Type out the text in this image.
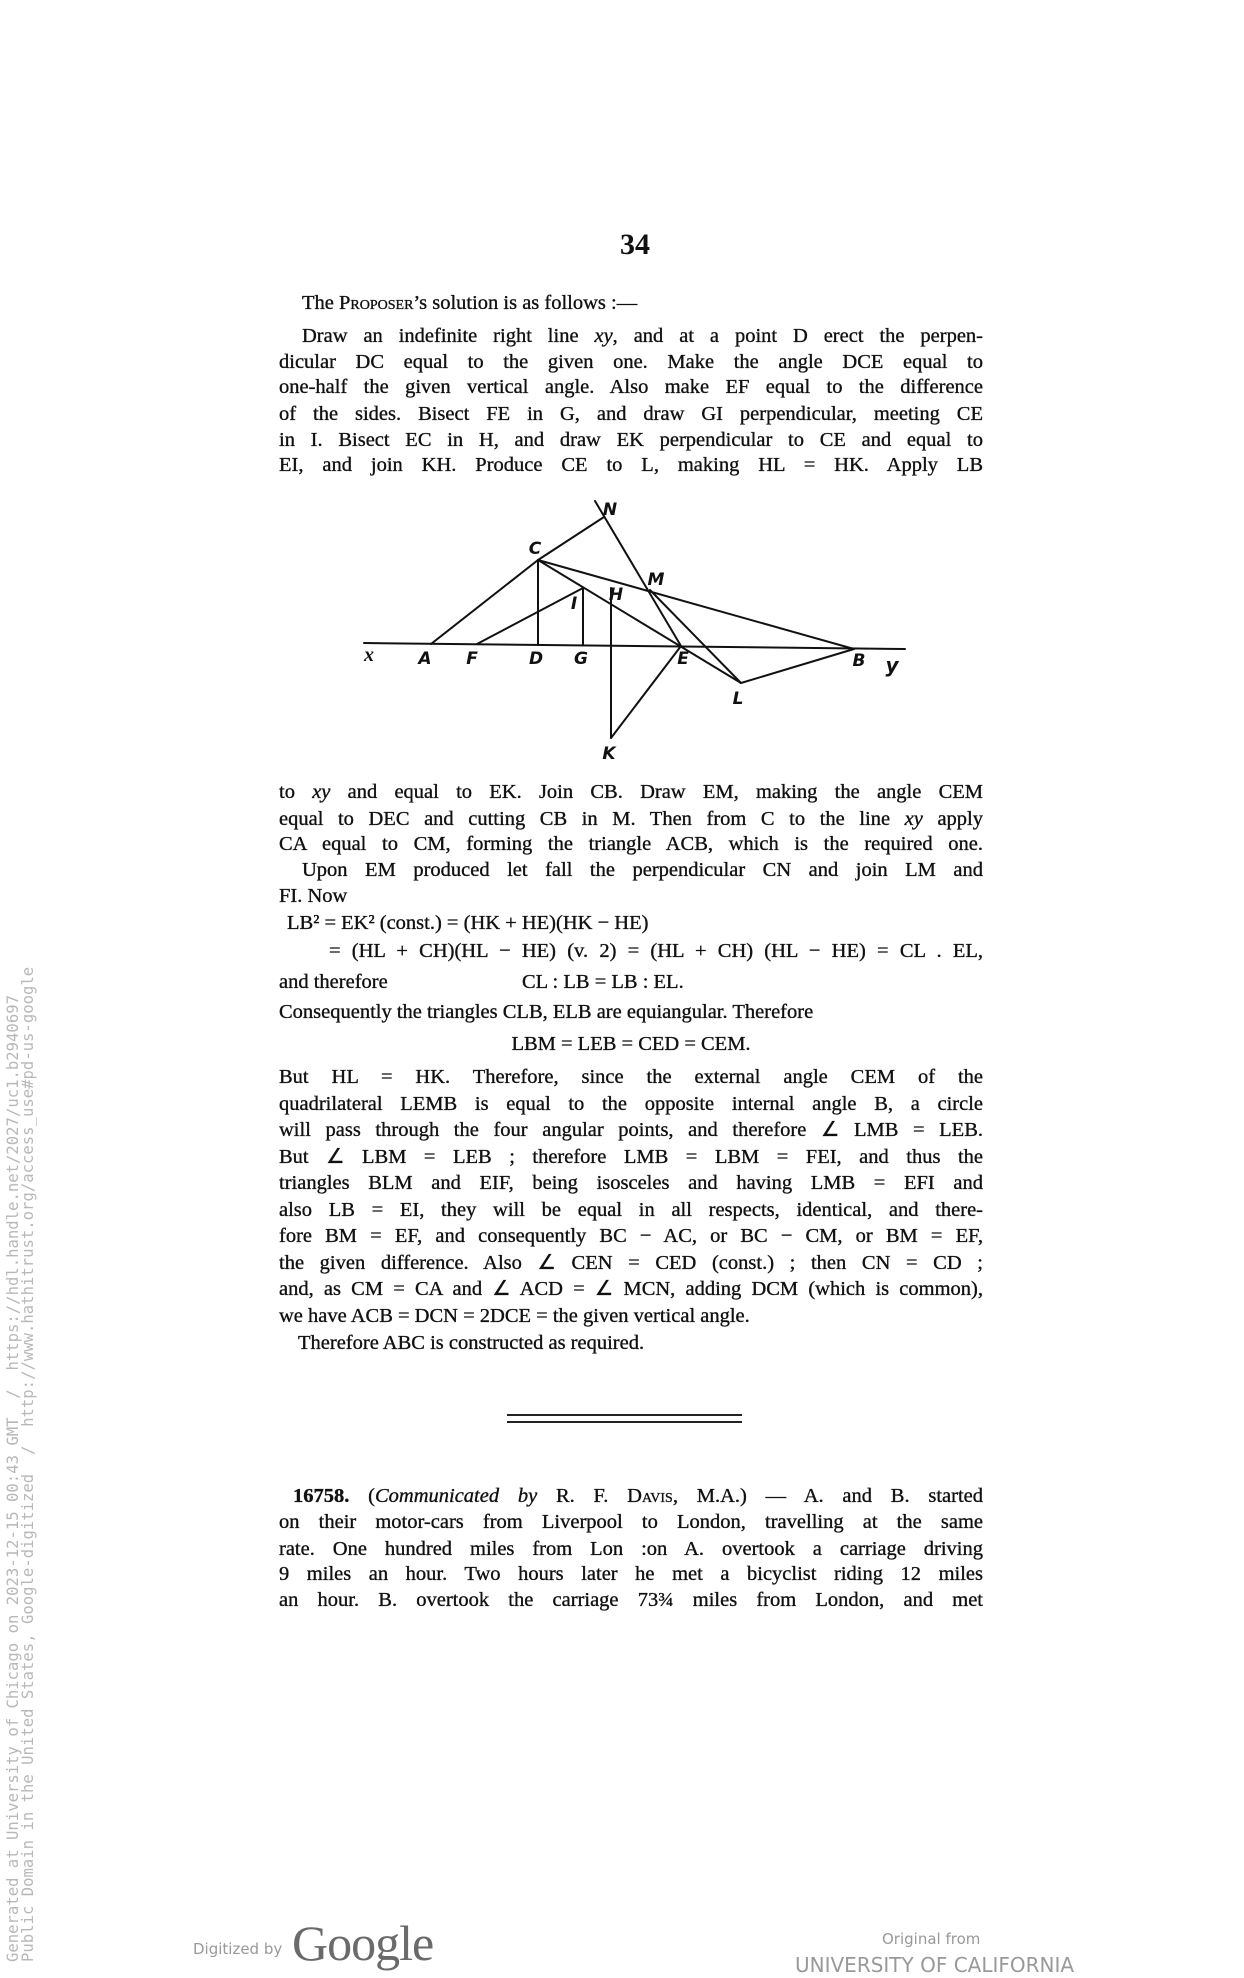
34
The Proposer’s solution is as follows :—
Draw an indefinite right line xy, and at a point D erect the perpen-
dicular DC equal to the given one. Make the angle DCE equal to
one-half the given vertical angle. Also make EF equal to the difference
of the sides. Bisect FE in G, and draw GI perpendicular, meeting CE
in I. Bisect EC in H, and draw EK perpendicular to CE and equal to
EI, and join KH. Produce CE to L, making HL = HK. Apply LB
to xy and equal to EK. Join CB. Draw EM, making the angle CEM
equal to DEC and cutting CB in M. Then from C to the line xy apply
CA equal to CM, forming the triangle ACB, which is the required one.
Upon EM produced let fall the perpendicular CN and join LM and
FI. Now
LB² = EK² (const.) = (HK + HE)(HK − HE)
= (HL + CH)(HL − HE) (v. 2) = (HL + CH) (HL − HE) = CL . EL,
and therefore	CL : LB = LB : EL.
Consequently the triangles CLB, ELB are equiangular. Therefore
LBM = LEB = CED = CEM.
But HL = HK. Therefore, since the external angle CEM of the
quadrilateral LEMB is equal to the opposite internal angle B, a circle
will pass through the four angular points, and therefore ∠ LMB = LEB.
But ∠ LBM = LEB ; therefore LMB = LBM = FEI, and thus the
triangles BLM and EIF, being isosceles and having LMB = EFI and
also LB = EI, they will be equal in all respects, identical, and there-
fore BM = EF, and consequently BC − AC, or BC − CM, or BM = EF,
the given difference. Also ∠ CEN = CED (const.) ; then CN = CD ;
and, as CM = CA and ∠ ACD = ∠ MCN, adding DCM (which is common),
we have ACB = DCN = 2DCE = the given vertical angle.
Therefore ABC is constructed as required.
16758. (Communicated by R. F. Davis, M.A.) — A. and B. started
on their motor-cars from Liverpool to London, travelling at the same
rate. One hundred miles from Lon :on A. overtook a carriage driving
9 miles an hour. Two hours later he met a bicyclist riding 12 miles
an hour. B. overtook the carriage 73¾ miles from London, and met
N
C
M
H
I
x	A F	D G	E	B y
L
K
Generated at University of Chicago on 2023-12-15 00:43 GMT  /  https://hdl.handle.net/2027/uc1.b2940697
Public Domain in the United States, Google-digitized  /  http://www.hathitrust.org/access_use#pd-us-google	Digitized by Google	Original from
UNIVERSITY OF CALIFORNIA
